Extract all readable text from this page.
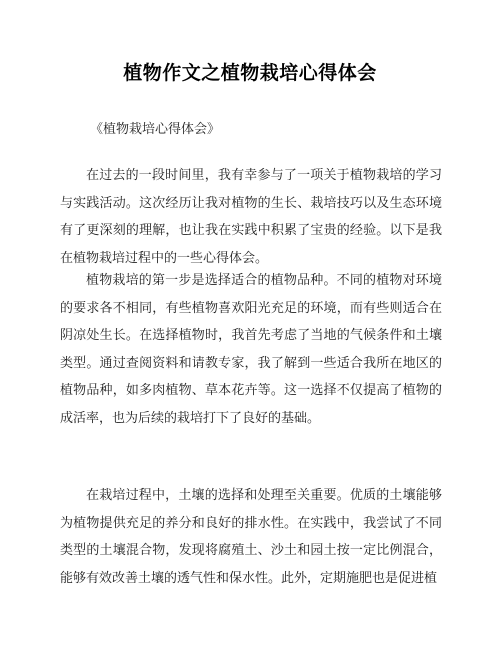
植物作文之植物栽培心得体会
《植物栽培心得体会》

在过去的一段时间里，我有幸参与了一项关于植物栽培的学习与实践活动。这次经历让我对植物的生长、栽培技巧以及生态环境有了更深刻的理解，也让我在实践中积累了宝贵的经验。以下是我在植物栽培过程中的一些心得体会。

植物栽培的第一步是选择适合的植物品种。不同的植物对环境的要求各不相同，有些植物喜欢阳光充足的环境，而有些则适合在阴凉处生长。在选择植物时，我首先考虑了当地的气候条件和土壤类型。通过查阅资料和请教专家，我了解到一些适合我所在地区的植物品种，如多肉植物、草本花卉等。这一选择不仅提高了植物的成活率，也为后续的栽培打下了良好的基础。

在栽培过程中，土壤的选择和处理至关重要。优质的土壤能够为植物提供充足的养分和良好的排水性。在实践中，我尝试了不同类型的土壤混合物，发现将腐殖土、沙土和园土按一定比例混合，能够有效改善土壤的透气性和保水性。此外，定期施肥也是促进植
